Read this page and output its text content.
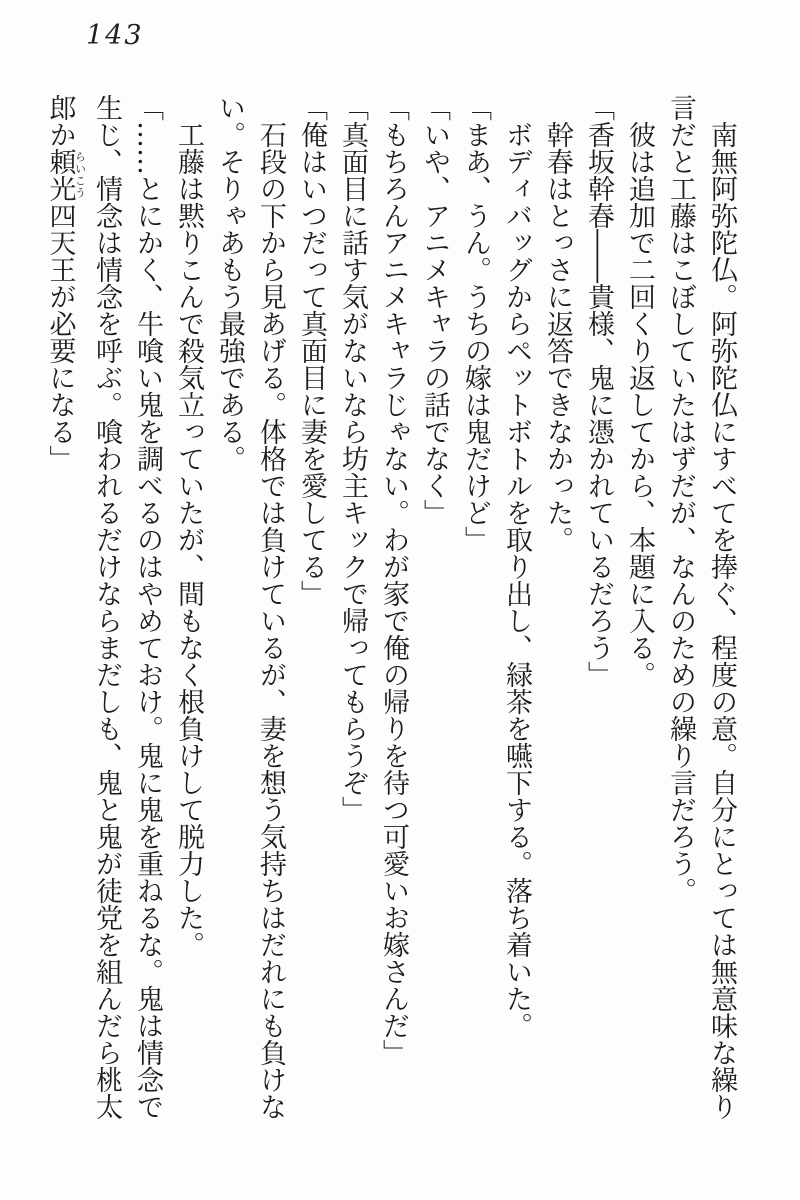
143
南無阿弥陀仏。阿弥陀仏にすべてを捧ぐ、程度の意。自分にとっては無意味な繰り
言だと工藤はこぼしていたはずだが、なんのための繰り言だろう。
彼は追加で二回くり返してから、本題に入る。
「香坂幹春――貴様、鬼に憑かれているだろう」
幹春はとっさに返答できなかった。
ボディバッグからペットボトルを取り出し、緑茶を嚥下する。落ち着いた。
「まあ、うん。うちの嫁は鬼だけど」
「いや、アニメキャラの話でなく」
「もちろんアニメキャラじゃない。わが家で俺の帰りを待つ可愛いお嫁さんだ」
「真面目に話す気がないなら坊主キックで帰ってもらうぞ」
「俺はいつだって真面目に妻を愛してる」
石段の下から見あげる。体格では負けているが、妻を想う気持ちはだれにも負けな
い。そりゃあもう最強である。
工藤は黙りこんで殺気立っていたが、間もなく根負けして脱力した。
「……とにかく、牛喰い鬼を調べるのはやめておけ。鬼に鬼を重ねるな。鬼は情念で
生じ、情念は情念を呼ぶ。喰われるだけならまだしも、鬼と鬼が徒党を組んだら桃太
郎か頼光らいこう四天王が必要になる」
